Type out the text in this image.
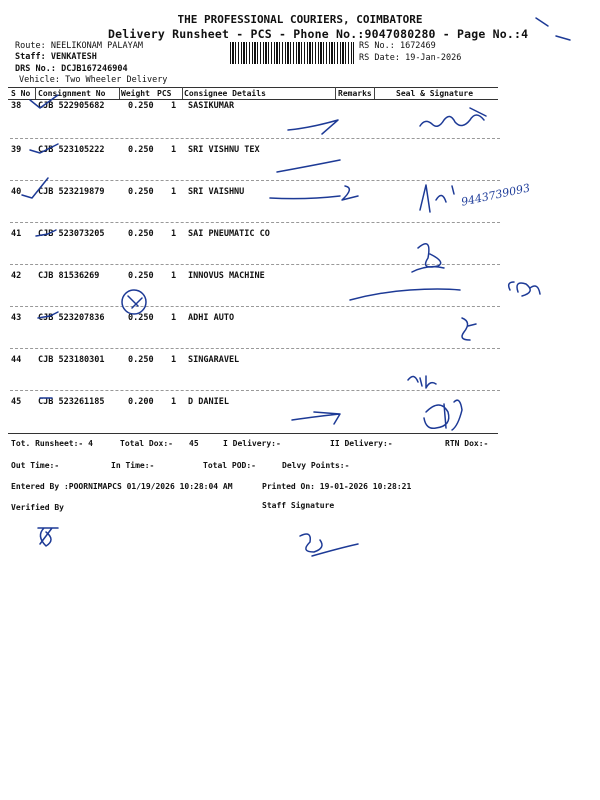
THE PROFESSIONAL COURIERS, COIMBATORE
Delivery Runsheet - PCS - Phone No.:9047080280 - Page No.:4
Route: NEELIKONAM PALAYAM
Staff: VENKATESH
DRS No.: DCJB167246904
Vehicle: Two Wheeler Delivery
RS No.: 1672469
RS Date: 19-Jan-2026
S No Consignment No Weight PCS Consignee Details	Remarks	Seal & Signature
38 CJB 522905682	0.250 1 SASIKUMAR
39 CJB 523105222	0.250 1 SRI VISHNU TEX
40 CJB 523219879	0.250 1 SRI VAISHNU
41 CJB 523073205	0.250 1 SAI PNEUMATIC CO
42 CJB 81536269	0.250 1 INNOVUS MACHINE
43 CJB 523207836	0.250 1 ADHI AUTO
44 CJB 523180301	0.250 1 SINGARAVEL
45 CJB 523261185	0.200 1 D DANIEL
Tot. Runsheet:- 4	Total Dox:- 45	I Delivery:-	II Delivery:-	RTN Dox:-
Out Time:-	In Time:-	Total POD:-	Delvy Points:-
Entered By :POORNIMAPCS 01/19/2026 10:28:04 AM	Printed On: 19-01-2026 10:28:21
Verified By	Staff Signature
9443739093
